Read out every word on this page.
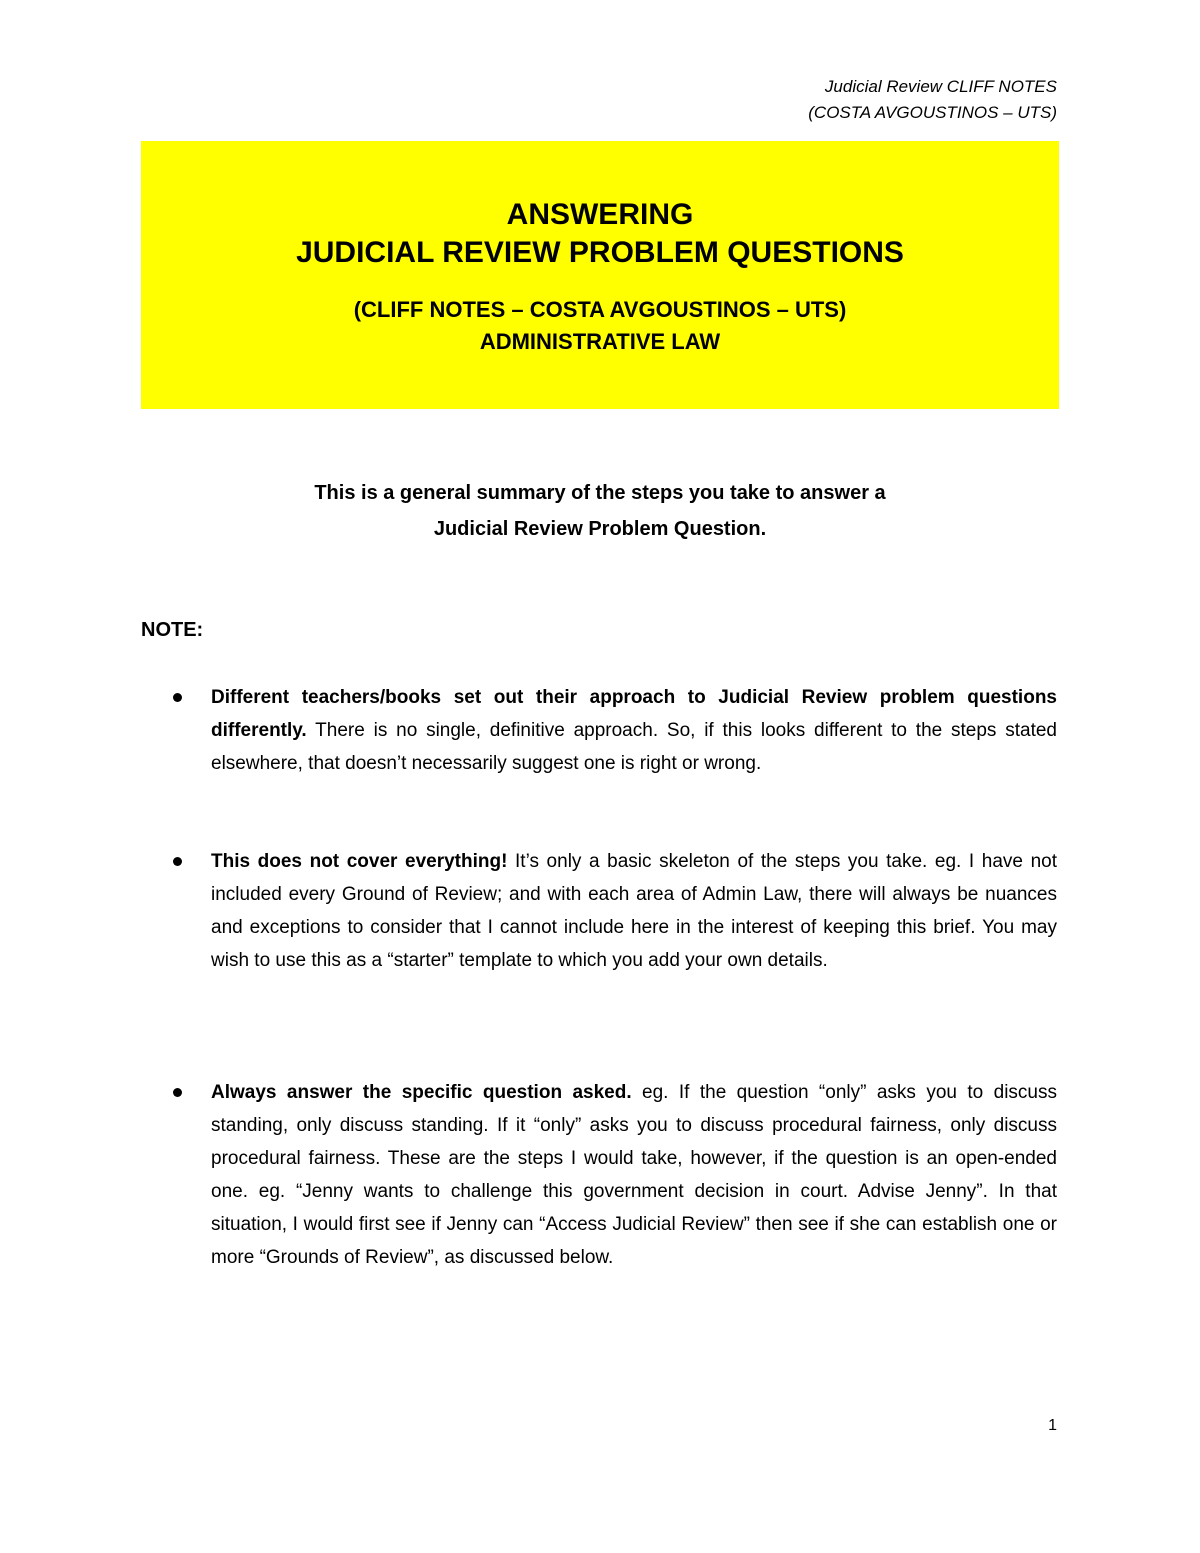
Judicial Review CLIFF NOTES
(COSTA AVGOUSTINOS – UTS)
ANSWERING
JUDICIAL REVIEW PROBLEM QUESTIONS
(CLIFF NOTES – COSTA AVGOUSTINOS – UTS)
ADMINISTRATIVE LAW
This is a general summary of the steps you take to answer a
Judicial Review Problem Question.
NOTE:
Different teachers/books set out their approach to Judicial Review problem questions differently. There is no single, definitive approach. So, if this looks different to the steps stated elsewhere, that doesn’t necessarily suggest one is right or wrong.
This does not cover everything! It’s only a basic skeleton of the steps you take. eg. I have not included every Ground of Review; and with each area of Admin Law, there will always be nuances and exceptions to consider that I cannot include here in the interest of keeping this brief. You may wish to use this as a “starter” template to which you add your own details.
Always answer the specific question asked. eg. If the question “only” asks you to discuss standing, only discuss standing. If it “only” asks you to discuss procedural fairness, only discuss procedural fairness. These are the steps I would take, however, if the question is an open-ended one. eg. “Jenny wants to challenge this government decision in court. Advise Jenny”. In that situation, I would first see if Jenny can “Access Judicial Review” then see if she can establish one or more “Grounds of Review”, as discussed below.
1
